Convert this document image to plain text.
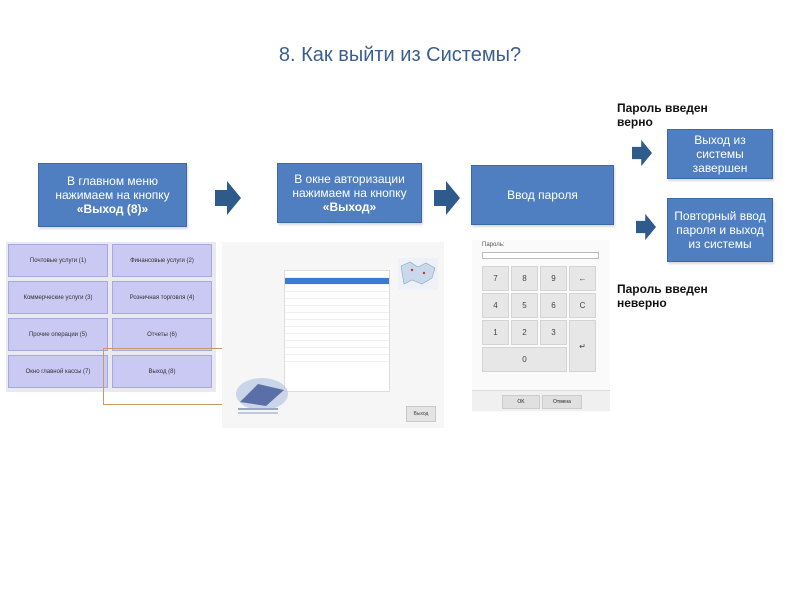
8. Как выйти из Системы?
В главном меню нажимаем на кнопку «Выход (8)»
В окне авторизации нажимаем на кнопку «Выход»
Ввод пароля
Пароль введен верно
Выход из системы завершен
Повторный ввод пароля и выход из системы
Пароль введен неверно
Почтовые услуги (1)	Финансовые услуги (2)
Коммерческие услуги (3)	Розничная торговля (4)
Прочие операции (5)	Отчеты (6)
Окно главной кассы (7)	Выход (8)
Выход
Пароль:
7	8	9	←
4	5	6	C
1	2	3
↵
0
OK	Отмена
